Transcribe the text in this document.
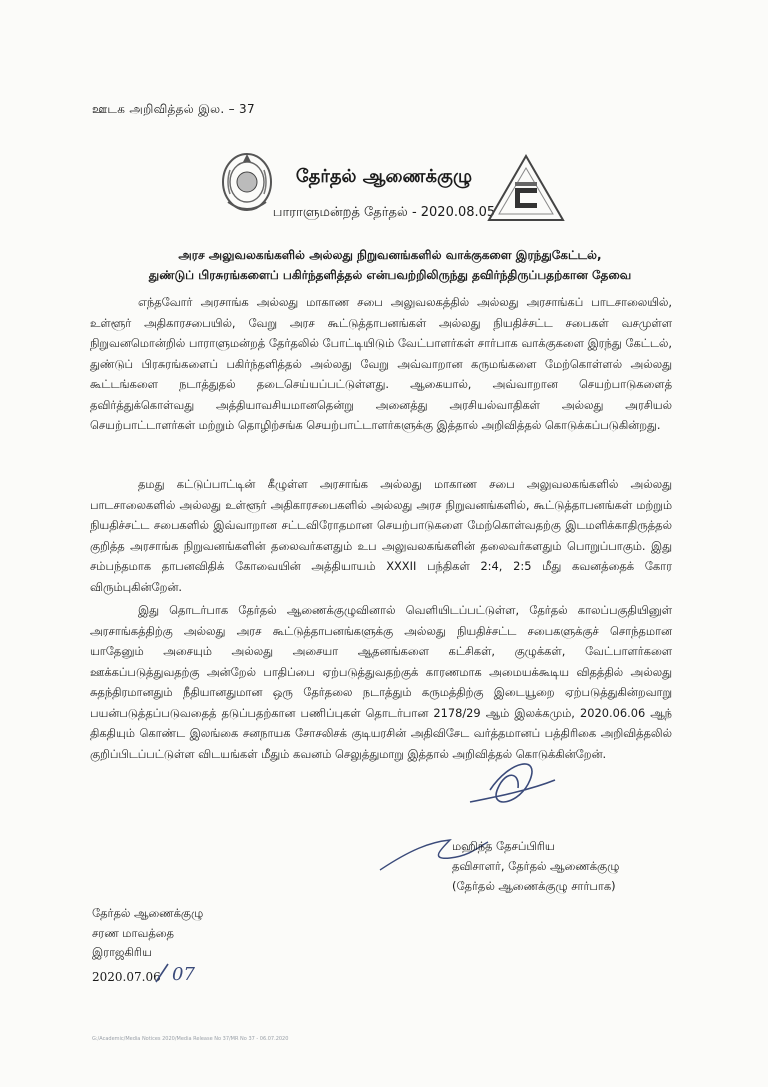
ஊடக அறிவித்தல் இல. – 37
தேர்தல் ஆணைக்குழு
பாராளுமன்றத் தேர்தல் - 2020.08.05
அரச அலுவலகங்களில் அல்லது நிறுவனங்களில் வாக்குகளை இரந்துகேட்டல்,
துண்டுப் பிரசுரங்களைப் பகிர்ந்தளித்தல் என்பவற்றிலிருந்து தவிர்ந்திருப்பதற்கான தேவை
எந்தவோர் அரசாங்க அல்லது மாகாண சபை அலுவலகத்தில் அல்லது அரசாங்கப் பாடசாலையில், உள்ளூர் அதிகாரசபையில், வேறு அரச கூட்டுத்தாபனங்கள் அல்லது நியதிச்சட்ட சபைகள் வசமுள்ள நிறுவனமொன்றில் பாராளுமன்றத் தேர்தலில் போட்டியிடும் வேட்பாளர்கள் சார்பாக வாக்குகளை இரந்து கேட்டல், துண்டுப் பிரசுரங்களைப் பகிர்ந்தளித்தல் அல்லது வேறு அவ்வாறான கருமங்களை மேற்கொள்ளல் அல்லது கூட்டங்களை நடாத்துதல் தடைசெய்யப்பட்டுள்ளது. ஆகையால், அவ்வாறான செயற்பாடுகளைத் தவிர்த்துக்கொள்வது அத்தியாவசியமானதென்று அனைத்து அரசியல்வாதிகள் அல்லது அரசியல் செயற்பாட்டாளர்கள் மற்றும் தொழிற்சங்க செயற்பாட்டாளர்களுக்கு இத்தால் அறிவித்தல் கொடுக்கப்படுகின்றது.
தமது கட்டுப்பாட்டின் கீழுள்ள அரசாங்க அல்லது மாகாண சபை அலுவலகங்களில் அல்லது பாடசாலைகளில் அல்லது உள்ளூர் அதிகாரசபைகளில் அல்லது அரச நிறுவனங்களில், கூட்டுத்தாபனங்கள் மற்றும் நியதிச்சட்ட சபைகளில் இவ்வாறான சட்டவிரோதமான செயற்பாடுகளை மேற்கொள்வதற்கு இடமளிக்காதிருத்தல் குறித்த அரசாங்க நிறுவனங்களின் தலைவர்களதும் உப அலுவலகங்களின் தலைவர்களதும் பொறுப்பாகும். இது சம்பந்தமாக தாபனவிதிக் கோவையின் அத்தியாயம் XXXII பந்திகள் 2:4, 2:5 மீது கவனத்தைக் கோர விரும்புகின்றேன்.
இது தொடர்பாக தேர்தல் ஆணைக்குழுவினால் வெளியிடப்பட்டுள்ள, தேர்தல் காலப்பகுதியினுள் அரசாங்கத்திற்கு அல்லது அரச கூட்டுத்தாபனங்களுக்கு அல்லது நியதிச்சட்ட சபைகளுக்குச் சொந்தமான யாதேனும் அசையும் அல்லது அசையா ஆதனங்களை கட்சிகள், குழுக்கள், வேட்பாளர்களை ஊக்கப்படுத்துவதற்கு அன்றேல் பாதிப்பை ஏற்படுத்துவதற்குக் காரணமாக அமையக்கூடிய விதத்தில் அல்லது சுதந்திரமானதும் நீதியானதுமான ஒரு தேர்தலை நடாத்தும் கருமத்திற்கு இடையூறை ஏற்படுத்துகின்றவாறு பயன்படுத்தப்படுவதைத் தடுப்பதற்கான பணிப்புகள் தொடர்பான 2178/29 ஆம் இலக்கமும், 2020.06.06 ஆந் திகதியும் கொண்ட இலங்கை சனநாயக சோசலிசக் குடியரசின் அதிவிசேட வர்த்தமானப் பத்திரிகை அறிவித்தலில் குறிப்பிடப்பட்டுள்ள விடயங்கள் மீதும் கவனம் செலுத்துமாறு இத்தால் அறிவித்தல் கொடுக்கின்றேன்.
மஹிந்த தேசப்பிரிய
தவிசாளர், தேர்தல் ஆணைக்குழு
(தேர்தல் ஆணைக்குழு சார்பாக)
தேர்தல் ஆணைக்குழு
சரண மாவத்தை
இராஜகிரிய
2020.07.06 07
G:/Academic/Media Notices 2020/Media Release No 37/MR No 37 - 06.07.2020
